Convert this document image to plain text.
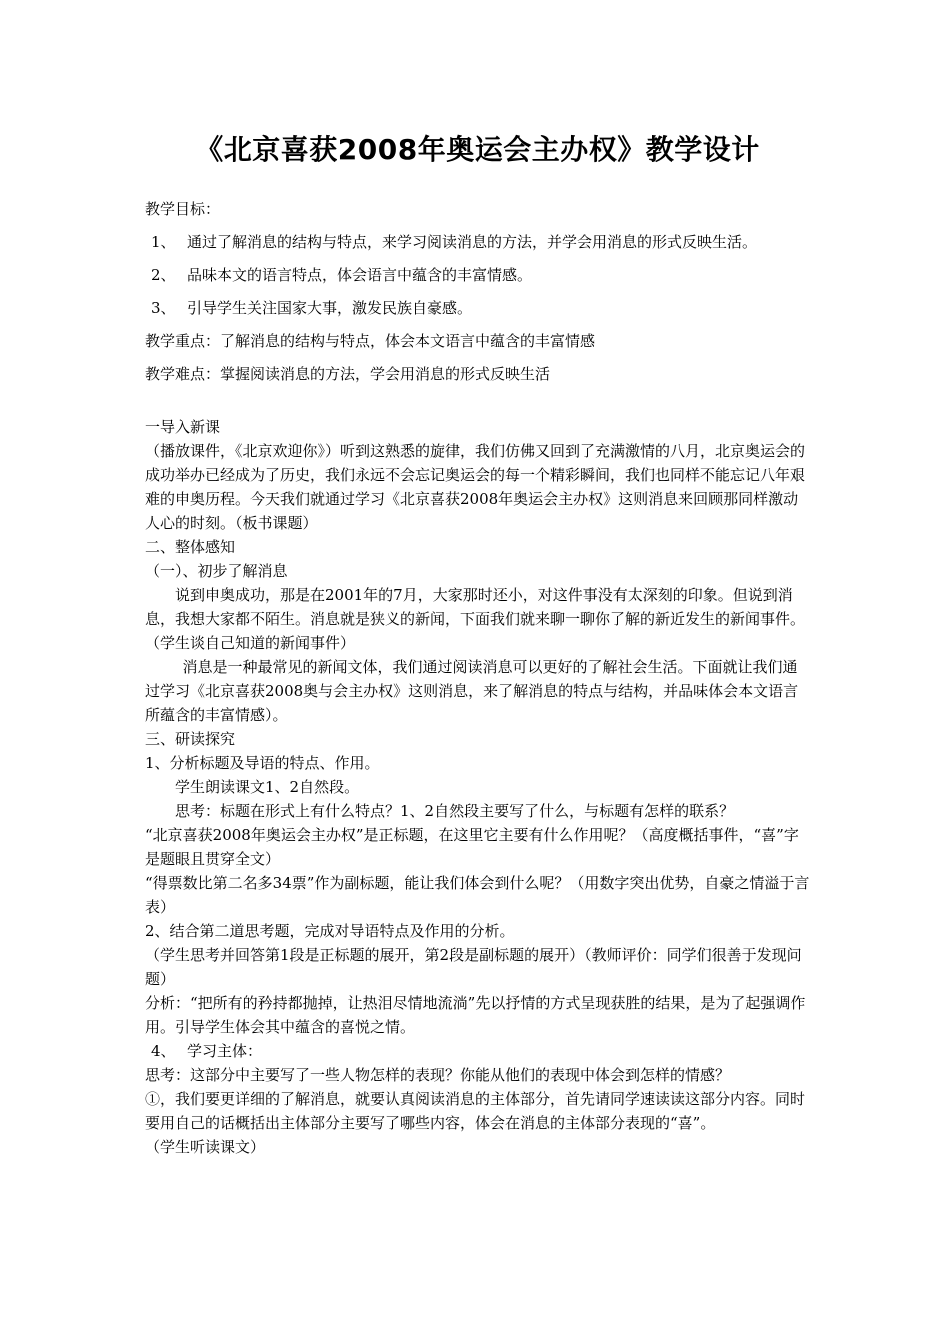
《北京喜获2008年奥运会主办权》教学设计

教学目标：

1、 通过了解消息的结构与特点，来学习阅读消息的方法，并学会用消息的形式反映生活。

2、 品味本文的语言特点，体会语言中蕴含的丰富情感。

3、 引导学生关注国家大事，激发民族自豪感。

教学重点：了解消息的结构与特点，体会本文语言中蕴含的丰富情感

教学难点：掌握阅读消息的方法，学会用消息的形式反映生活

一导入新课

（播放课件，《北京欢迎你》）听到这熟悉的旋律，我们仿佛又回到了充满激情的八月，北京奥运会的成功举办已经成为了历史，我们永远不会忘记奥运会的每一个精彩瞬间，我们也同样不能忘记八年艰难的申奥历程。今天我们就通过学习《北京喜获2008年奥运会主办权》这则消息来回顾那同样激动人心的时刻。（板书课题）

二、整体感知

（一）、初步了解消息

说到申奥成功，那是在2001年的7月，大家那时还小，对这件事没有太深刻的印象。但说到消息，我想大家都不陌生。消息就是狭义的新闻，下面我们就来聊一聊你了解的新近发生的新闻事件。（学生谈自己知道的新闻事件）

消息是一种最常见的新闻文体，我们通过阅读消息可以更好的了解社会生活。下面就让我们通过学习《北京喜获2008奥与会主办权》这则消息，来了解消息的特点与结构，并品味体会本文语言所蕴含的丰富情感）。

三、研读探究

1、分析标题及导语的特点、作用。

学生朗读课文1、2自然段。

思考：标题在形式上有什么特点？1、2自然段主要写了什么，与标题有怎样的联系？

“北京喜获2008年奥运会主办权”是正标题，在这里它主要有什么作用呢？（高度概括事件，“喜”字是题眼且贯穿全文）

“得票数比第二名多34票”作为副标题，能让我们体会到什么呢？（用数字突出优势，自豪之情溢于言表）

2、结合第二道思考题，完成对导语特点及作用的分析。

（学生思考并回答第1段是正标题的展开，第2段是副标题的展开）（教师评价：同学们很善于发现问题）

分析：“把所有的矜持都抛掉，让热泪尽情地流淌”先以抒情的方式呈现获胜的结果，是为了起强调作用。引导学生体会其中蕴含的喜悦之情。

4、 学习主体：

思考：这部分中主要写了一些人物怎样的表现？你能从他们的表现中体会到怎样的情感？

①，我们要更详细的了解消息，就要认真阅读消息的主体部分，首先请同学速读读这部分内容。同时要用自己的话概括出主体部分主要写了哪些内容，体会在消息的主体部分表现的“喜”。

（学生听读课文）
